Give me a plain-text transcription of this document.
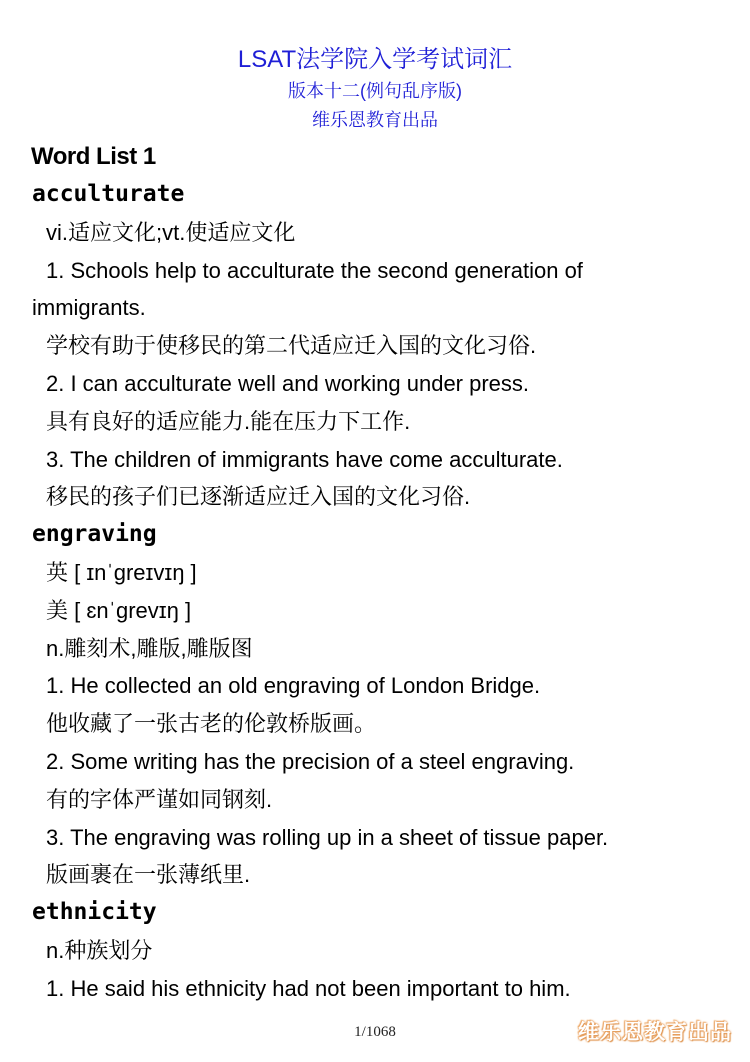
LSAT法学院入学考试词汇
版本十二(例句乱序版)
维乐恩教育出品
Word List 1
acculturate
vi.适应文化;vt.使适应文化
1. Schools help to acculturate the second generation of
immigrants.
学校有助于使移民的第二代适应迁入国的文化习俗.
2. I can acculturate well and working under press.
具有良好的适应能力.能在压力下工作.
3. The children of immigrants have come acculturate.
移民的孩子们已逐渐适应迁入国的文化习俗.
engraving
英 [ ɪnˈɡreɪvɪŋ ]
美 [ ɛnˈɡrevɪŋ ]
n.雕刻术,雕版,雕版图
1. He collected an old engraving of London Bridge.
他收藏了一张古老的伦敦桥版画。
2. Some writing has the precision of a steel engraving.
有的字体严谨如同钢刻.
3. The engraving was rolling up in a sheet of tissue paper.
版画裹在一张薄纸里.
ethnicity
n.种族划分
1. He said his ethnicity had not been important to him.
1/1068	维乐恩教育出品
